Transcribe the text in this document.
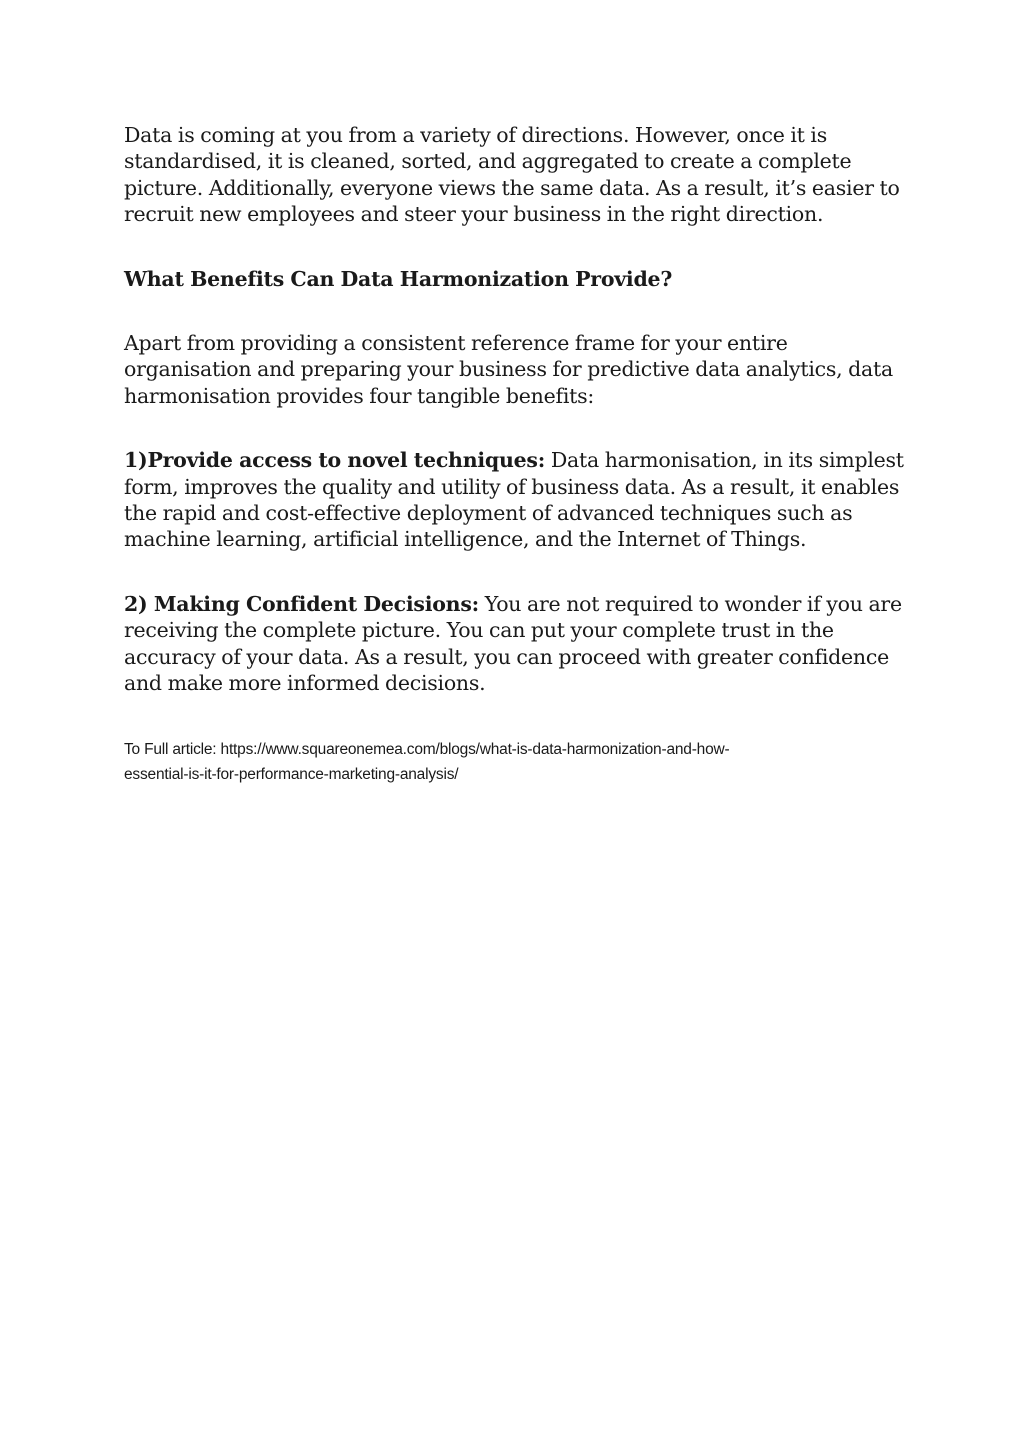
Data is coming at you from a variety of directions. However, once it is standardised, it is cleaned, sorted, and aggregated to create a complete picture. Additionally, everyone views the same data. As a result, it’s easier to recruit new employees and steer your business in the right direction.

What Benefits Can Data Harmonization Provide?

Apart from providing a consistent reference frame for your entire organisation and preparing your business for predictive data analytics, data harmonisation provides four tangible benefits:

1)Provide access to novel techniques: Data harmonisation, in its simplest form, improves the quality and utility of business data. As a result, it enables the rapid and cost-effective deployment of advanced techniques such as machine learning, artificial intelligence, and the Internet of Things.

2) Making Confident Decisions: You are not required to wonder if you are receiving the complete picture. You can put your complete trust in the accuracy of your data. As a result, you can proceed with greater confidence and make more informed decisions.

To Full article: https://www.squareonemea.com/blogs/what-is-data-harmonization-and-how-
essential-is-it-for-performance-marketing-analysis/
